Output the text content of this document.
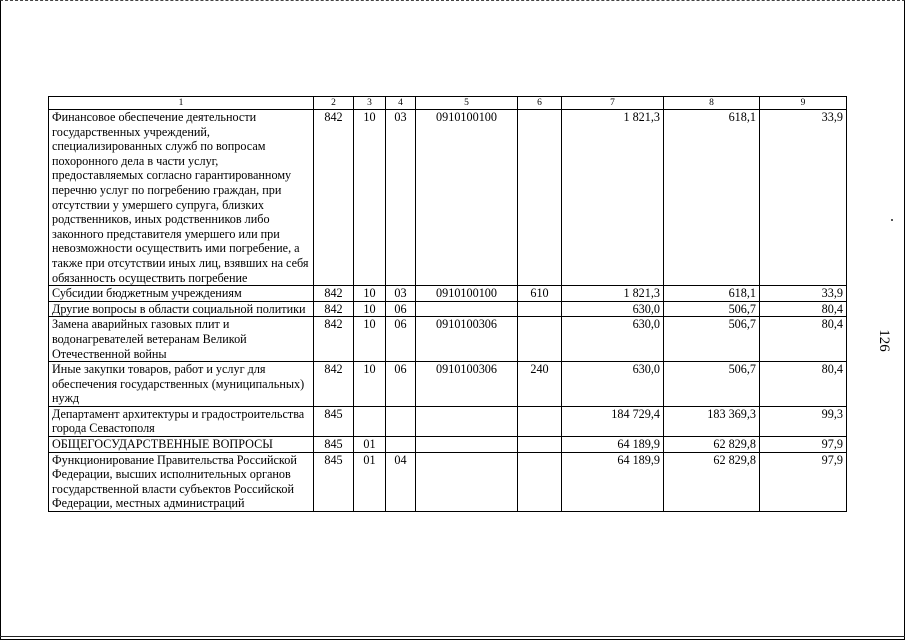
1	2	3	4	5	6	7	8	9
Финансовое обеспечение деятельности государственных учреждений, специализированных служб по вопросам похоронного дела в части услуг, предоставляемых согласно гарантированному перечню услуг по погребению граждан, при отсутствии у умершего супруга, близких родственников, иных родственников либо законного представителя умершего или при невозможности осуществить ими погребение, а также при отсутствии иных лиц, взявших на себя обязанность осуществить погребение	842	10	03	0910100100		1 821,3	618,1	33,9
Субсидии бюджетным учреждениям	842	10	03	0910100100	610	1 821,3	618,1	33,9
Другие вопросы в области социальной политики	842	10	06			630,0	506,7	80,4
Замена аварийных газовых плит и водонагревателей ветеранам Великой Отечественной войны	842	10	06	0910100306		630,0	506,7	80,4
Иные закупки товаров, работ и услуг для обеспечения государственных (муниципальных) нужд	842	10	06	0910100306	240	630,0	506,7	80,4
Департамент архитектуры и градостроительства города Севастополя	845					184 729,4	183 369,3	99,3
ОБЩЕГОСУДАРСТВЕННЫЕ ВОПРОСЫ	845	01				64 189,9	62 829,8	97,9
Функционирование Правительства Российской Федерации, высших исполнительных органов государственной власти субъектов Российской Федерации, местных администраций	845	01	04			64 189,9	62 829,8	97,9
126
